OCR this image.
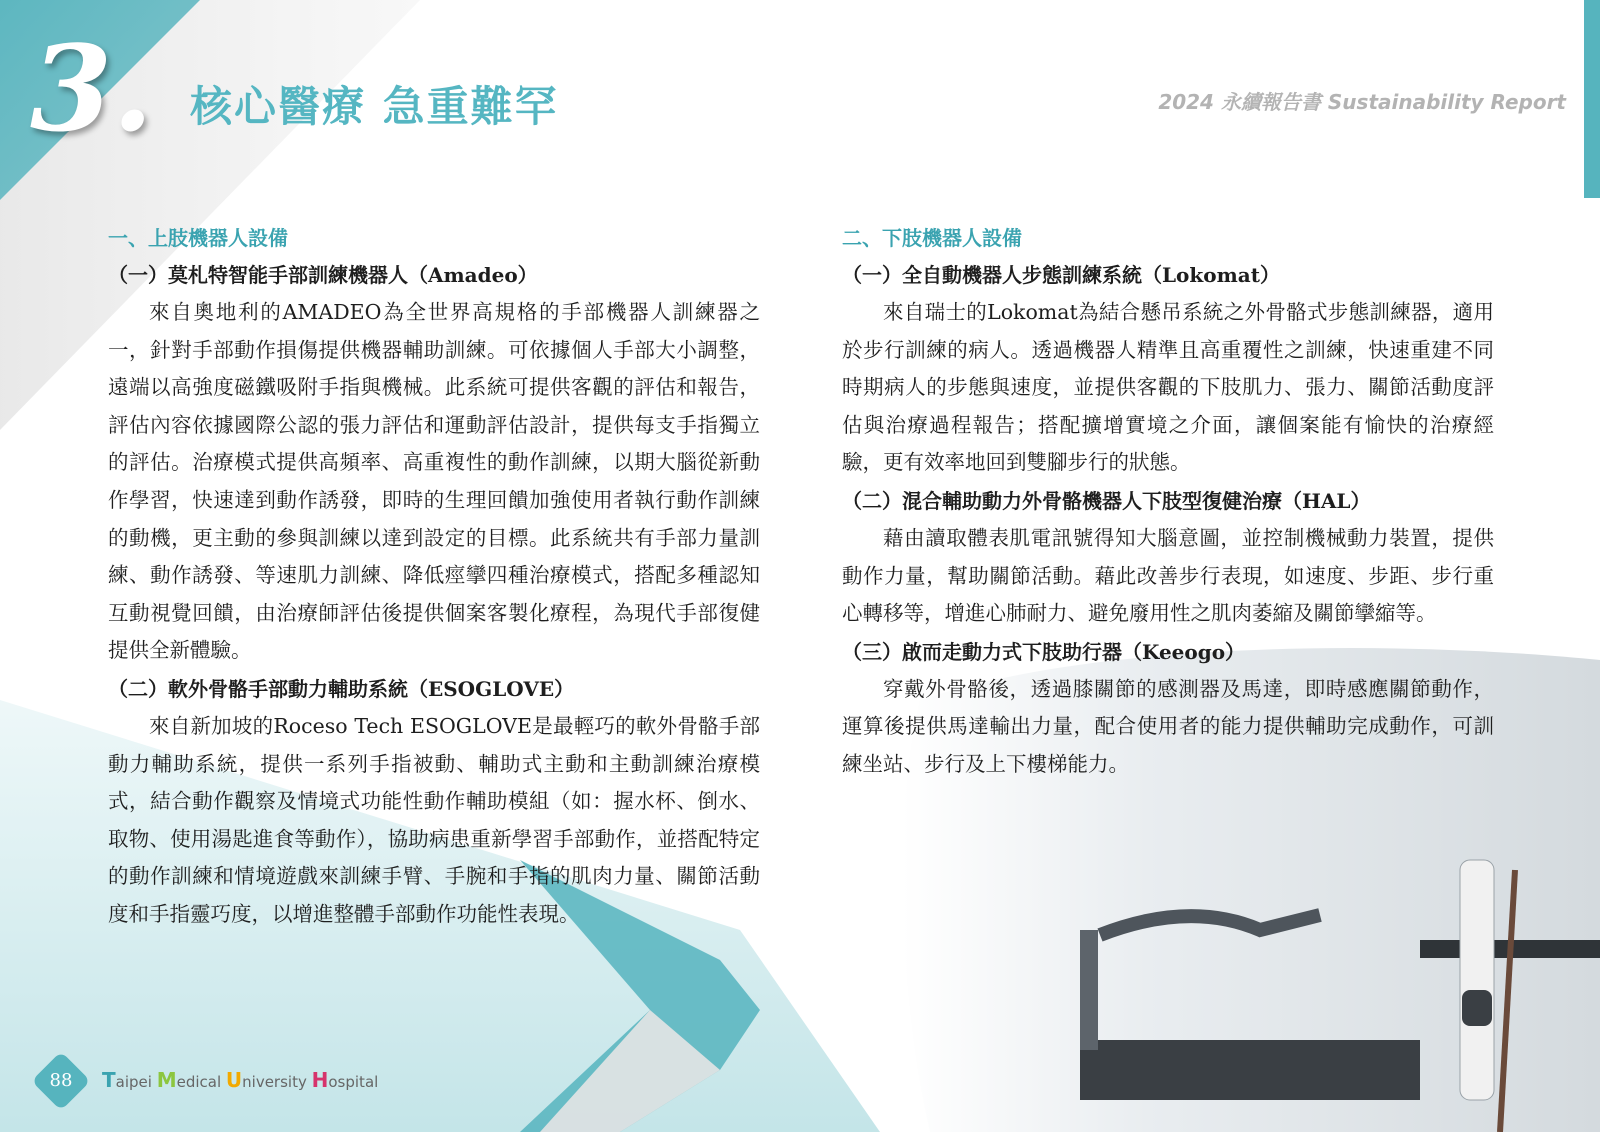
3. 核心醫療 急重難罕	2024 永續報告書 Sustainability Report
一、上肢機器人設備
（一）莫札特智能手部訓練機器人（Amadeo）

來自奧地利的AMADEO為全世界高規格的手部機器人訓練器之一，針對手部動作損傷提供機器輔助訓練。可依據個人手部大小調整，遠端以高強度磁鐵吸附手指與機械。此系統可提供客觀的評估和報告，評估內容依據國際公認的張力評估和運動評估設計，提供每支手指獨立的評估。治療模式提供高頻率、高重複性的動作訓練，以期大腦從新動作學習，快速達到動作誘發，即時的生理回饋加強使用者執行動作訓練的動機，更主動的參與訓練以達到設定的目標。此系統共有手部力量訓練、動作誘發、等速肌力訓練、降低痙攣四種治療模式，搭配多種認知互動視覺回饋，由治療師評估後提供個案客製化療程，為現代手部復健提供全新體驗。

（二）軟外骨骼手部動力輔助系統（ESOGLOVE）

來自新加坡的Roceso Tech ESOGLOVE是最輕巧的軟外骨骼手部動力輔助系統，提供一系列手指被動、輔助式主動和主動訓練治療模式，結合動作觀察及情境式功能性動作輔助模組（如：握水杯、倒水、取物、使用湯匙進食等動作），協助病患重新學習手部動作，並搭配特定的動作訓練和情境遊戲來訓練手臂、手腕和手指的肌肉力量、關節活動度和手指靈巧度，以增進整體手部動作功能性表現。

二、下肢機器人設備
（一）全自動機器人步態訓練系統（Lokomat）

來自瑞士的Lokomat為結合懸吊系統之外骨骼式步態訓練器，適用於步行訓練的病人。透過機器人精準且高重覆性之訓練，快速重建不同時期病人的步態與速度，並提供客觀的下肢肌力、張力、關節活動度評估與治療過程報告；搭配擴增實境之介面，讓個案能有愉快的治療經驗，更有效率地回到雙腳步行的狀態。

（二）混合輔助動力外骨骼機器人下肢型復健治療（HAL）

藉由讀取體表肌電訊號得知大腦意圖，並控制機械動力裝置，提供動作力量，幫助關節活動。藉此改善步行表現，如速度、步距、步行重心轉移等，增進心肺耐力、避免廢用性之肌肉萎縮及關節攣縮等。

（三）啟而走動力式下肢助行器（Keeogo）

穿戴外骨骼後，透過膝關節的感測器及馬達，即時感應關節動作，運算後提供馬達輸出力量，配合使用者的能力提供輔助完成動作，可訓練坐站、步行及上下樓梯能力。

88	Taipei Medical University Hospital
